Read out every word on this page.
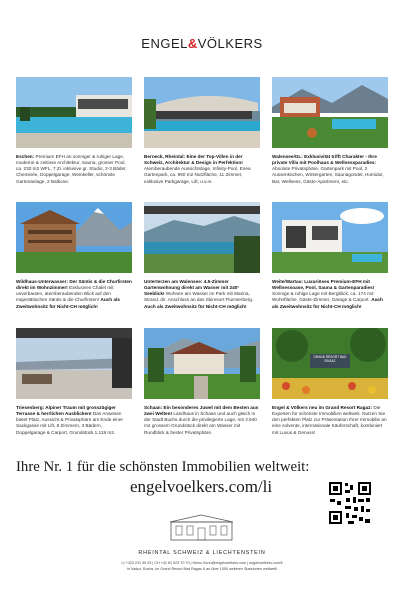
ENGEL&VÖLKERS
Eschen: Premium EFH an sonniger & ruhiger Lage, moderne & zeitlose Architektur, Sauna, grosser Pool, ca. 230 m2 WFL, 7 Zi. inklusive gr. Studio, 2-3 Bäder, Cheminée, Doppelgarage, Weinkeller, schönste Gartenanlage, 2 Balkone.
Berneck, Rheintal: Eine der Top-Villen in der Schweiz, Architektur & Design in Perfektion! Atemberaubende Aussichtslage, Infinity-Pool, Enea Gartenpark, ca. 950 m2 Nutzfläche, 11 Zimmer, exklusive Parkgarage, Lift, u.v.m.
Walensee/GL: Exklusivität trifft Charakter - Ihre private Villa mit Poolhaus & Wellnessparadies: Absolute Privatsphäre, Gartenpark mit Pool, 2 Aussenküchen, Wintergarten, Saunagondel, Humidor, Bar, Wellness, Gäste-Apartment, etc.
Wildhaus-Unterwasser: Der Säntis & die Churfirsten direkt im Wohnzimmer! Exklusives Chalet mit unverbauten, atemberaubenden Blick auf den majestätischen Säntis & die Churfirsten! Auch als Zweitwohnsitz für Nicht-CH möglich!
Unterterzen am Walensee: 4.5-Zimmer Gartenwohnung direkt am Wasser mit 240° Seeblick! Wohnen am Wasser im Park mit Marina, Strand, dir. Anschluss an das Skiresort Flumserberg. Auch als Zweitwohnsitz für Nicht-CH möglich!
Weite/Wartau: Luxuriöses Premium-EFH mit Wellnessoase, Pool, Sauna & Gartenparadies! Sonnige & ruhige Lage mit Bergblick, ca. 174 m2 Wohnfläche, Gäste-Zimmer, Garage & Carport. Auch als Zweitwohnsitz für Nicht-CH möglich!
Triesenberg: Alpiner Traum mit grosszügiger Terrasse & herrlichen Ausblicken! Das Anwesen bietet Platz, Aussicht & Privatsphäre am Ende einer Sackgasse mit Lift, 8 Zimmern, 3 Bädern, Doppelgarage & Carport, Grundstück 1.119 m2.
Schaan: Ein besonderes Juwel mit dem Besten aus zwei Welten! Landhaus in Schaan und auch gleich in der Stadt Buchs durch die privilegierte Lage, mit 3.940 m2 grossem Grundstück direkt am Wasser mit Rundblick & bester Privatsphäre.
GRAND RESORT BAD RAGAZ
Engel & Völkers neu im Grand Resort Ragaz: Die Experten für schönste Immobilien weltweit. Nutzen Sie den perfekten Platz zur Präsentation Ihrer Immobilie an eine solvente, internationale Käuferschaft, kombiniert mit Luxus & Genuss!
Ihre Nr. 1 für die schönsten Immobilien weltweit:
engelvoelkers.com/li
RHEINTAL SCHWEIZ & LIECHTENSTEIN
LI +423 231 30 03 | CH +41 81 523 70 70 | Heinz.Sonn@engelvoelkers.com | engelvoelkers.com/li
In Vaduz, Buchs, im Grand Resort Bad Ragaz & an über 1000 weiteren Standorten weltweit!
